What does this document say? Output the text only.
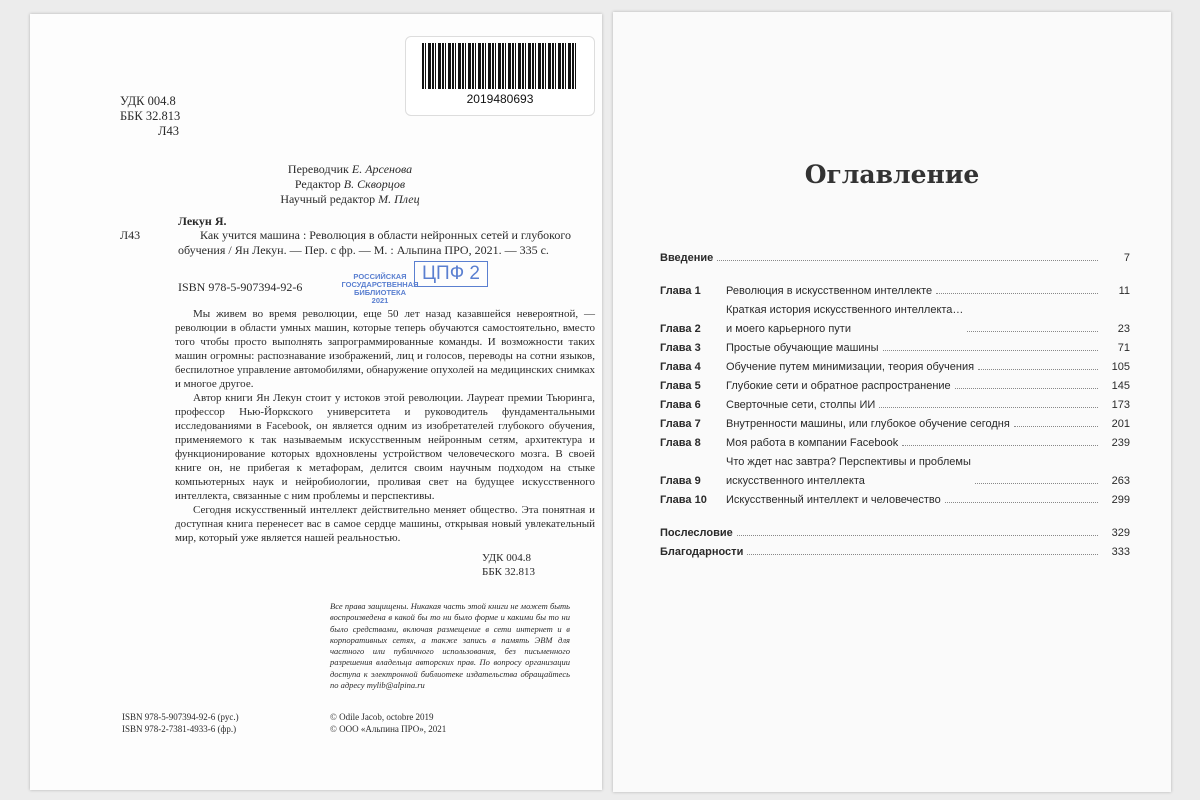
УДК 004.8
ББК 32.813
Л43
2019480693
Переводчик Е. Арсенова
Редактор В. Скворцов
Научный редактор М. Плец
Лекун Я.
Л43	Как учится машина : Революция в области нейронных сетей и глубокого обучения / Ян Лекун. — Пер. с фр. — М. : Альпина ПРО, 2021. — 335 с.
ISBN 978-5-907394-92-6
РОССИЙСКАЯ
ГОСУДАРСТВЕННАЯ
БИБЛИОТЕКА
2021
ЦПФ 2

Мы живем во время революции, еще 50 лет назад казавшейся невероятной, — революции в области умных машин, которые теперь обучаются самостоятельно, вместо того чтобы просто выполнять запрограммированные команды. И возможности таких машин огромны: распознавание изображений, лиц и голосов, переводы на сотни языков, беспилотное управление автомобилями, обнаружение опухолей на медицинских снимках и многое другое.

Автор книги Ян Лекун стоит у истоков этой революции. Лауреат премии Тьюринга, профессор Нью-Йоркского университета и руководитель фундаментальными исследованиями в Facebook, он является одним из изобретателей глубокого обучения, применяемого к так называемым искусственным нейронным сетям, архитектура и функционирование которых вдохновлены устройством человеческого мозга. В своей книге он, не прибегая к метафорам, делится своим научным подходом на стыке компьютерных наук и нейробиологии, проливая свет на будущее искусственного интеллекта, связанные с ним проблемы и перспективы.

Сегодня искусственный интеллект действительно меняет общество. Эта понятная и доступная книга перенесет вас в самое сердце машины, открывая новый увлекательный мир, который уже является нашей реальностью.

УДК 004.8
ББК 32.813
Все права защищены. Никакая часть этой книги не может быть воспроизведена в какой бы то ни было форме и какими бы то ни было средствами, включая размещение в сети интернет и в корпоративных сетях, а также запись в память ЭВМ для частного или публичного использования, без письменного разрешения владельца авторских прав. По вопросу организации доступа к электронной библиотеке издательства обращайтесь по адресу mylib@alpina.ru
ISBN 978-5-907394-92-6 (рус.)
ISBN 978-2-7381-4933-6 (фр.)
© Odile Jacob, octobre 2019
© ООО «Альпина ПРО», 2021
Оглавление
Введение	7
Глава 1	Революция в искусственном интеллекте	11
Глава 2
Краткая история искусственного интеллекта…
и моего карьерного пути	23
Глава 3	Простые обучающие машины	71
Глава 4	Обучение путем минимизации, теория обучения	105
Глава 5	Глубокие сети и обратное распространение	145
Глава 6	Сверточные сети, столпы ИИ	173
Глава 7	Внутренности машины, или глубокое обучение сегодня	201
Глава 8	Моя работа в компании Facebook	239
Глава 9
Что ждет нас завтра? Перспективы и проблемы
искусственного интеллекта	263
Глава 10	Искусственный интеллект и человечество	299
Послесловие	329
Благодарности	333
